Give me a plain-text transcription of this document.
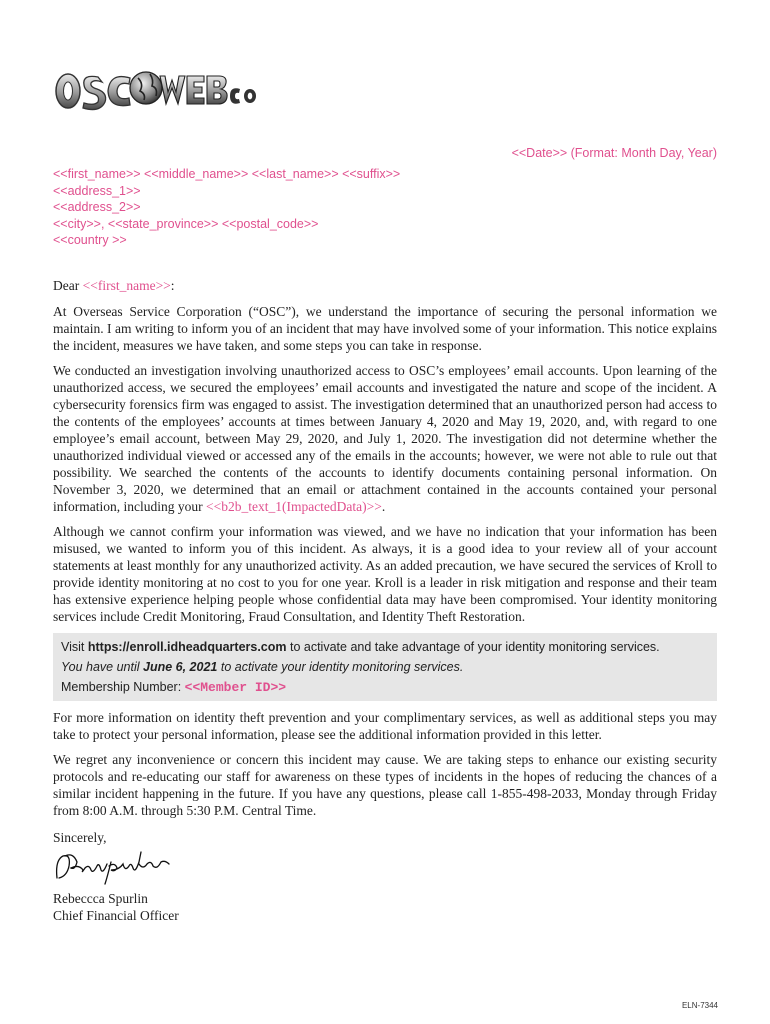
<<Date>> (Format: Month Day, Year)
<<first_name>> <<middle_name>> <<last_name>> <<suffix>>
<<address_1>>
<<address_2>>
<<city>>, <<state_province>> <<postal_code>>
<<country >>

Dear <<first_name>>:

At Overseas Service Corporation (“OSC”), we understand the importance of securing the personal information we maintain. I am writing to inform you of an incident that may have involved some of your information. This notice explains the incident, measures we have taken, and some steps you can take in response.

We conducted an investigation involving unauthorized access to OSC’s employees’ email accounts. Upon learning of the unauthorized access, we secured the employees’ email accounts and investigated the nature and scope of the incident. A cybersecurity forensics firm was engaged to assist. The investigation determined that an unauthorized person had access to the contents of the employees’ accounts at times between January 4, 2020 and May 19, 2020, and, with regard to one employee’s email account, between May 29, 2020, and July 1, 2020. The investigation did not determine whether the unauthorized individual viewed or accessed any of the emails in the accounts; however, we were not able to rule out that possibility. We searched the contents of the accounts to identify documents containing personal information. On November 3, 2020, we determined that an email or attachment contained in the accounts contained your personal information, including your <<b2b_text_1(ImpactedData)>>.

Although we cannot confirm your information was viewed, and we have no indication that your information has been misused, we wanted to inform you of this incident. As always, it is a good idea to your review all of your account statements at least monthly for any unauthorized activity. As an added precaution, we have secured the services of Kroll to provide identity monitoring at no cost to you for one year. Kroll is a leader in risk mitigation and response and their team has extensive experience helping people whose confidential data may have been compromised. Your identity monitoring services include Credit Monitoring, Fraud Consultation, and Identity Theft Restoration.

Visit https://enroll.idheadquarters.com to activate and take advantage of your identity monitoring services.
You have until June 6, 2021 to activate your identity monitoring services.
Membership Number: <<Member ID>>

For more information on identity theft prevention and your complimentary services, as well as additional steps you may take to protect your personal information, please see the additional information provided in this letter.

We regret any inconvenience or concern this incident may cause. We are taking steps to enhance our existing security protocols and re-educating our staff for awareness on these types of incidents in the hopes of reducing the chances of a similar incident happening in the future. If you have any questions, please call 1-855-498-2033, Monday through Friday from 8:00 A.M. through 5:30 P.M. Central Time.

Sincerely,
Rebeccca Spurlin
Chief Financial Officer
ELN-7344
